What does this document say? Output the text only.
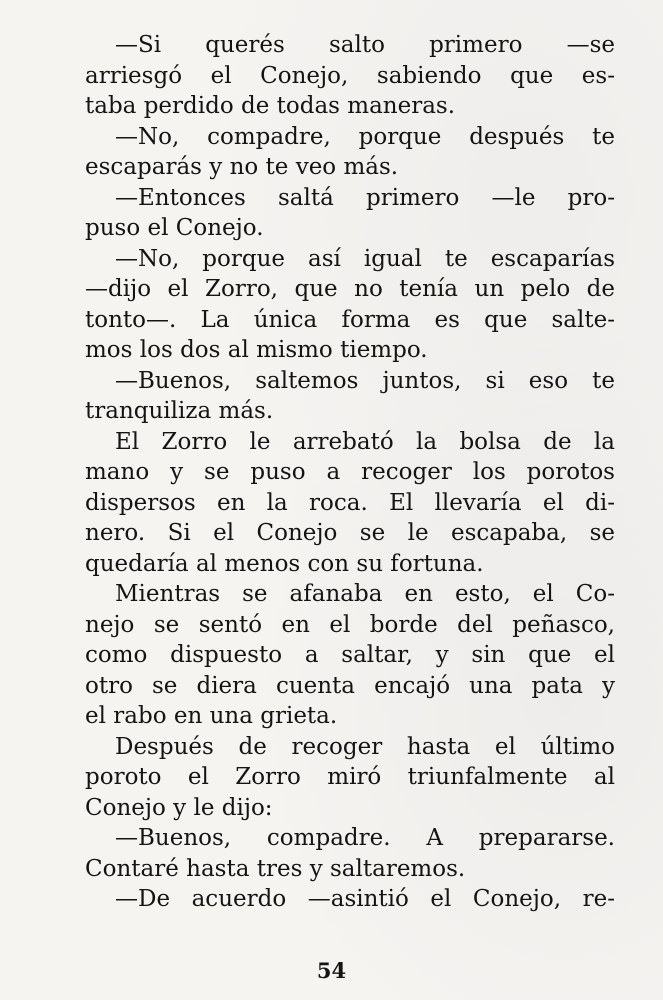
—Si querés salto primero —se
arriesgó el Conejo, sabiendo que es-
taba perdido de todas maneras.
—No, compadre, porque después te
escaparás y no te veo más.
—Entonces saltá primero —le pro-
puso el Conejo.
—No, porque así igual te escaparías
—dijo el Zorro, que no tenía un pelo de
tonto—. La única forma es que salte-
mos los dos al mismo tiempo.
—Buenos, saltemos juntos, si eso te
tranquiliza más.
El Zorro le arrebató la bolsa de la
mano y se puso a recoger los porotos
dispersos en la roca. El llevaría el di-
nero. Si el Conejo se le escapaba, se
quedaría al menos con su fortuna.
Mientras se afanaba en esto, el Co-
nejo se sentó en el borde del peñasco,
como dispuesto a saltar, y sin que el
otro se diera cuenta encajó una pata y
el rabo en una grieta.
Después de recoger hasta el último
poroto el Zorro miró triunfalmente al
Conejo y le dijo:
—Buenos, compadre. A prepararse.
Contaré hasta tres y saltaremos.
—De acuerdo —asintió el Conejo, re-
54
